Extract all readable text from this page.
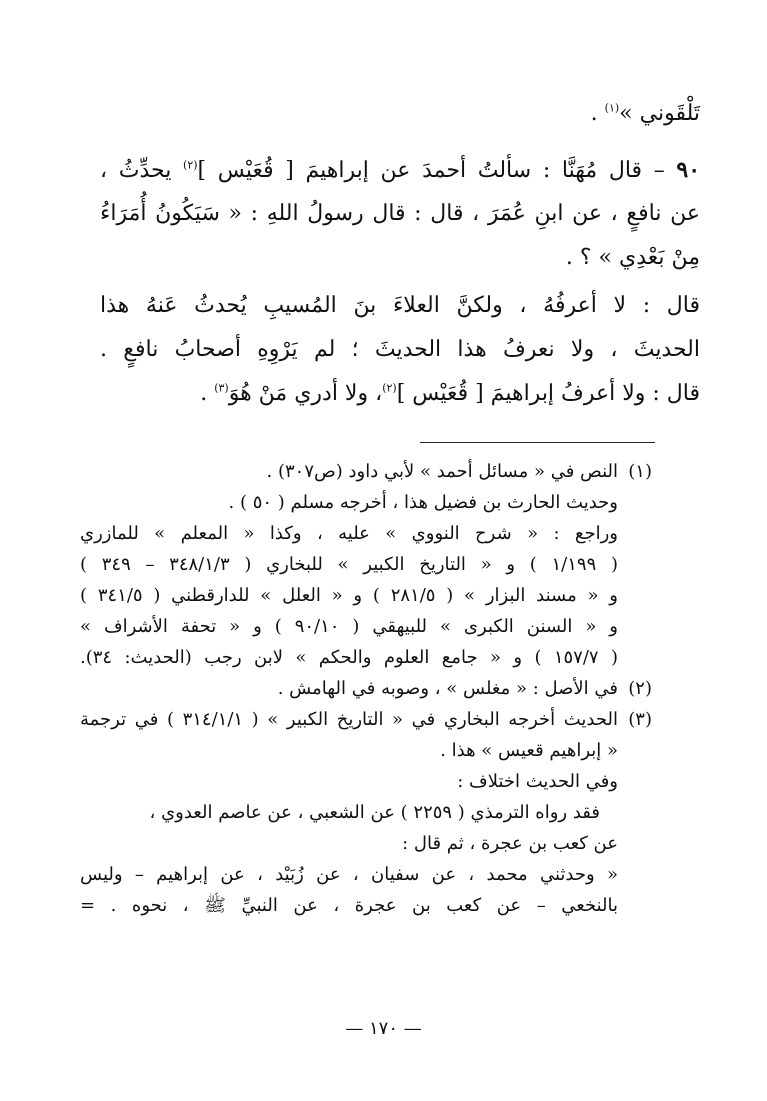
تَلْقَوني »$^{(١)}$ .
٩٠ – قال مُهَنَّا : سألتُ أحمدَ عن إبراهيمَ [ قُعَيْس ]$^{(٢)}$ يحدِّثُ ،
عن نافعٍ ، عن ابنِ عُمَرَ ، قال : قال رسولُ اللهِ : « سَيَكُونُ أُمَرَاءُ
مِنْ بَعْدِي » ؟ .
قال : لا أعرفُهُ ، ولكنَّ العلاءَ بنَ المُسيبِ يُحدثُ عَنهُ هذا
الحديثَ ، ولا نعرفُ هذا الحديثَ ؛ لم يَرْوِهِ أصحابُ نافعٍ .
قال : ولا أعرفُ إبراهيمَ [ قُعَيْس ]$^{(٢)}$، ولا أدري مَنْ هُوَ$^{(٣)}$ .
(١)النص في « مسائل أحمد » لأبي داود (ص٣٠٧) .
وحديث الحارث بن فضيل هذا ، أخرجه مسلم ( ٥٠ ) .
وراجع : « شرح النووي » عليه ، وكذا « المعلم » للمازري
( ١/١٩٩ ) و « التاريخ الكبير » للبخاري ( ٣٤٨/١/٣ – ٣٤٩ )
و « مسند البزار » ( ٢٨١/٥ ) و « العلل » للدارقطني ( ٣٤١/٥ )
و « السنن الكبرى » للبيهقي ( ٩٠/١٠ ) و « تحفة الأشراف »
( ١٥٧/٧ ) و « جامع العلوم والحكم » لابن رجب (الحديث: ٣٤).
(٢)في الأصل : « مغلس » ، وصوبه في الهامش .
(٣)الحديث أخرجه البخاري في « التاريخ الكبير » ( ٣١٤/١/١ ) في ترجمة
« إبراهيم قعيس » هذا .
وفي الحديث اختلاف :
فقد رواه الترمذي ( ٢٢٥٩ ) عن الشعبي ، عن عاصم العدوي ،
عن كعب بن عجرة ، ثم قال :
« وحدثني محمد ، عن سفيان ، عن زُبَيْد ، عن إبراهيم – وليس
بالنخعي – عن كعب بن عجرة ، عن النبيِّ ﷺ ، نحوه . =
— ١٧٠ —
